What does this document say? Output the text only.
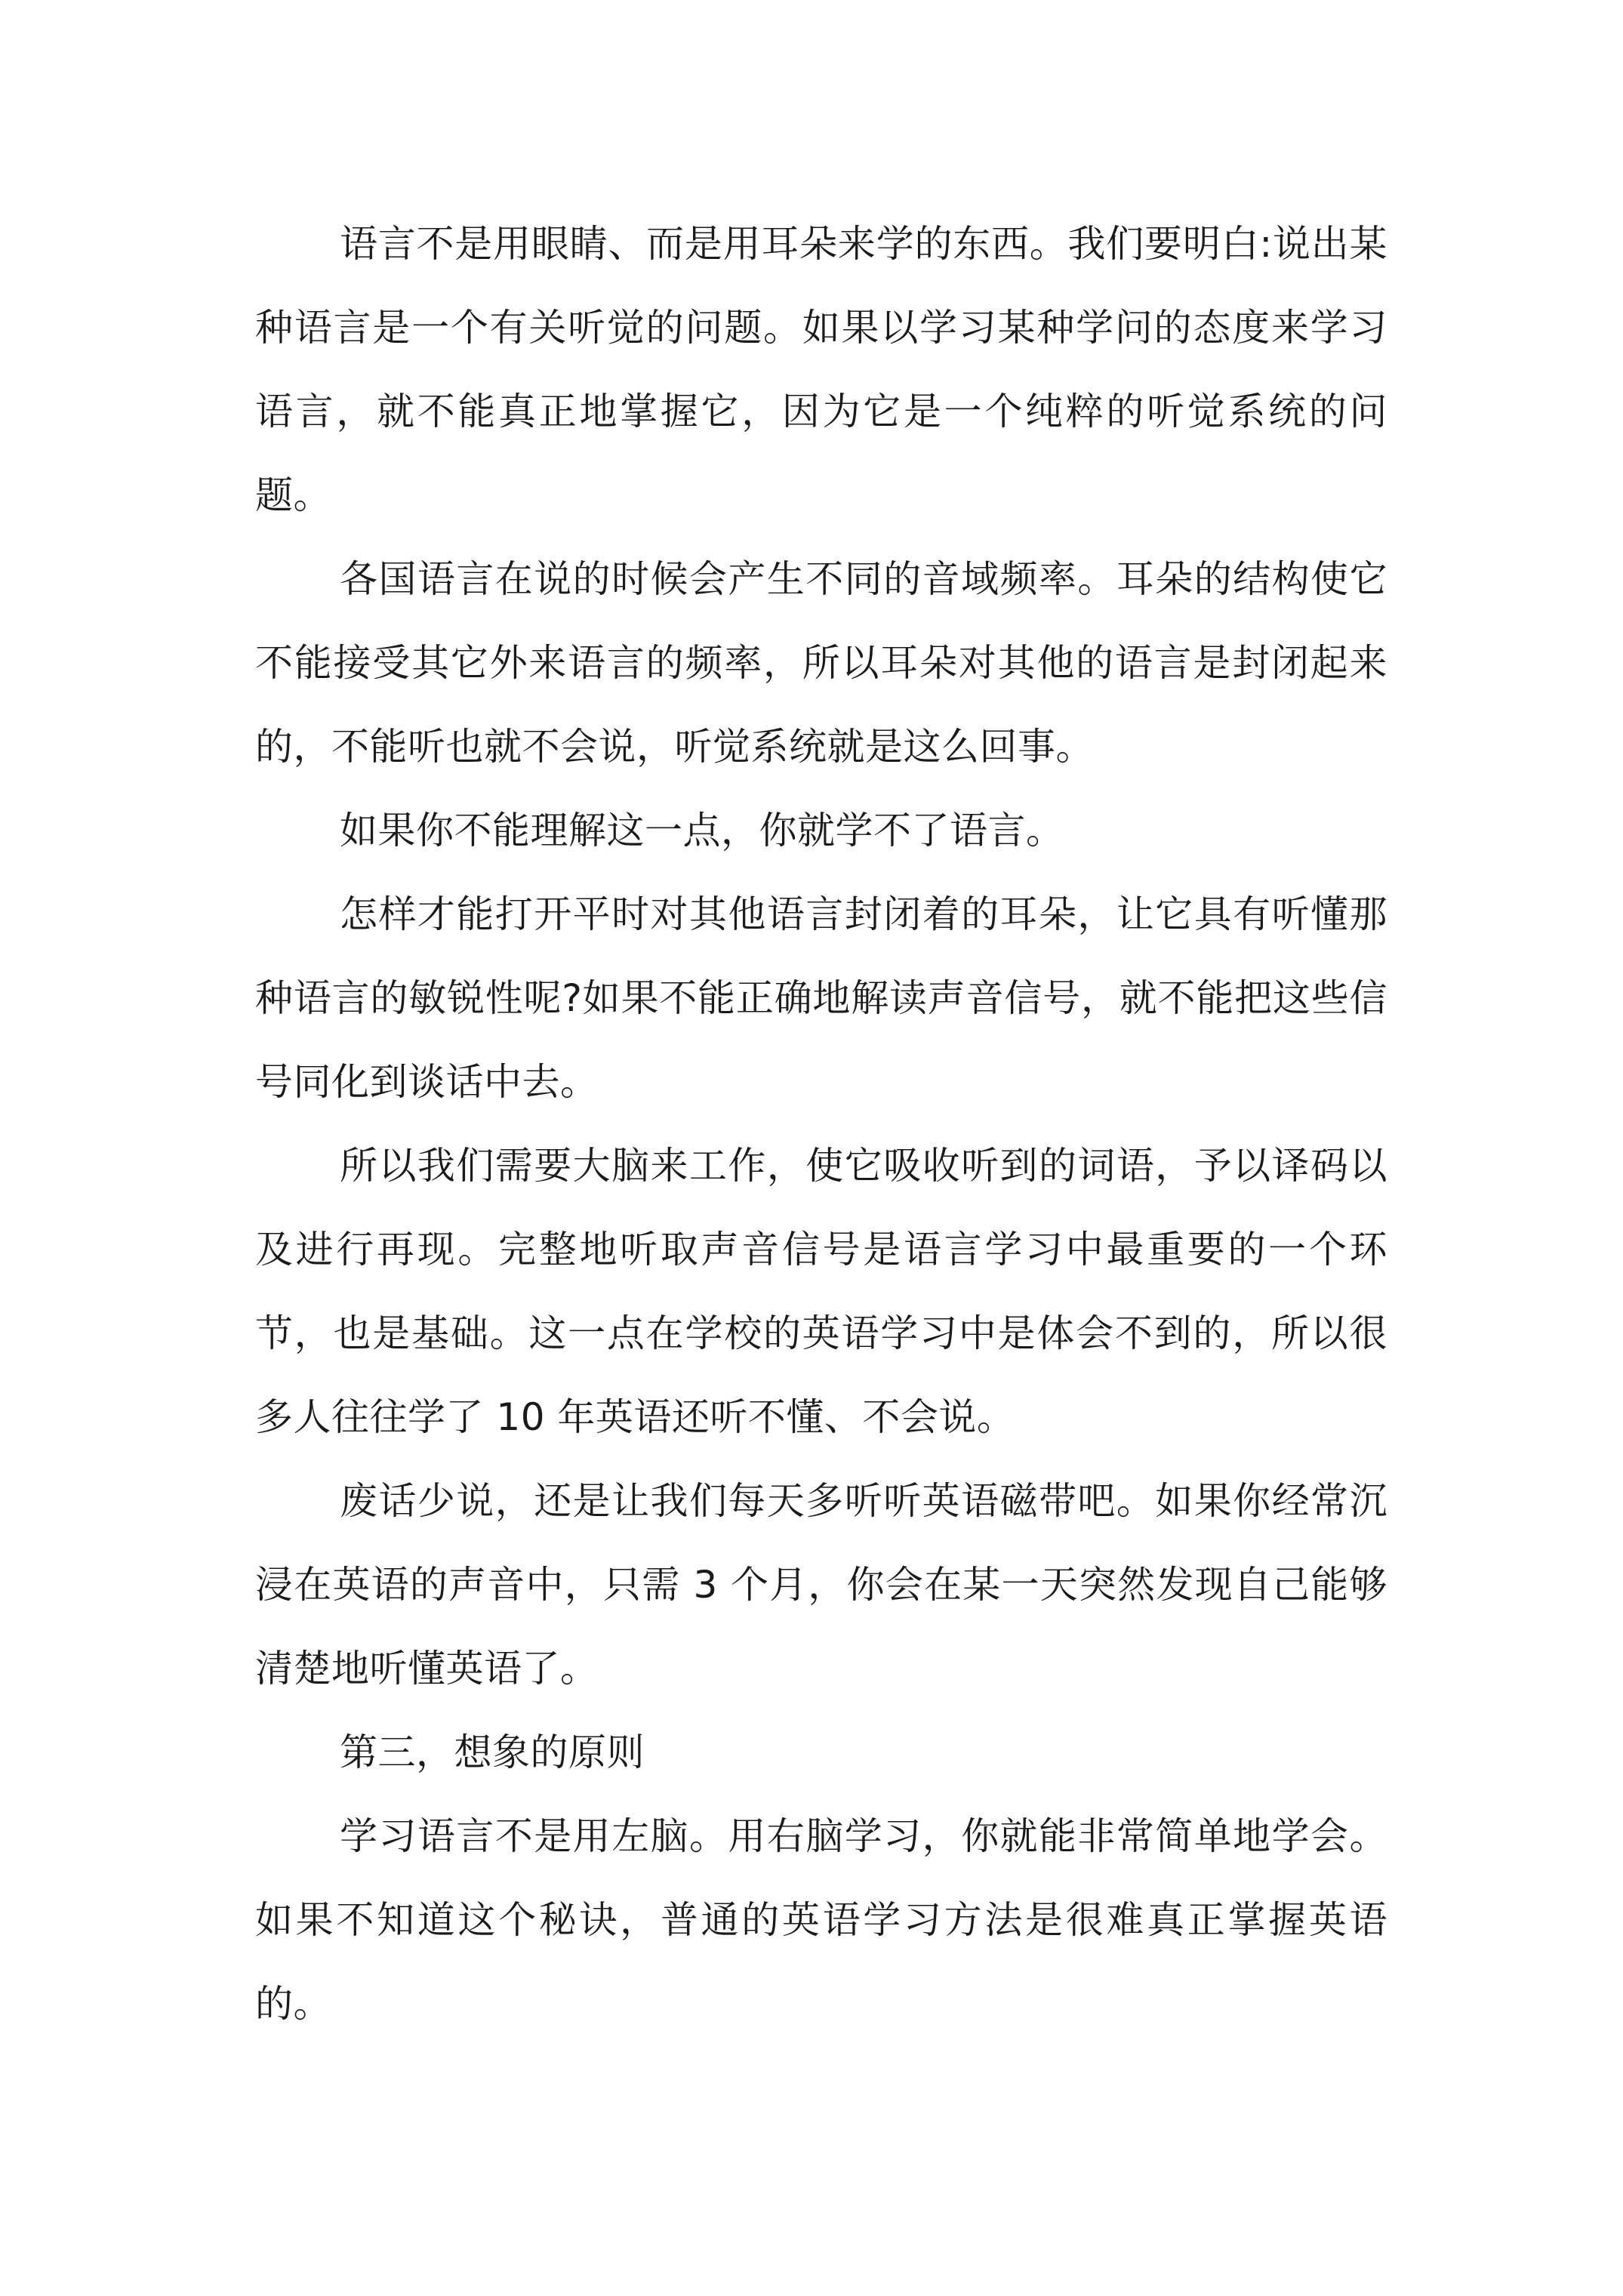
语言不是用眼睛、而是用耳朵来学的东西。我们要明白:说出某种语言是一个有关听觉的问题。如果以学习某种学问的态度来学习语言，就不能真正地掌握它，因为它是一个纯粹的听觉系统的问题。

各国语言在说的时候会产生不同的音域频率。耳朵的结构使它不能接受其它外来语言的频率，所以耳朵对其他的语言是封闭起来的，不能听也就不会说，听觉系统就是这么回事。

如果你不能理解这一点，你就学不了语言。

怎样才能打开平时对其他语言封闭着的耳朵，让它具有听懂那种语言的敏锐性呢?如果不能正确地解读声音信号，就不能把这些信号同化到谈话中去。

所以我们需要大脑来工作，使它吸收听到的词语，予以译码以及进行再现。完整地听取声音信号是语言学习中最重要的一个环节，也是基础。这一点在学校的英语学习中是体会不到的，所以很多人往往学了 10 年英语还听不懂、不会说。

废话少说，还是让我们每天多听听英语磁带吧。如果你经常沉浸在英语的声音中，只需 3 个月，你会在某一天突然发现自己能够清楚地听懂英语了。

第三，想象的原则

学习语言不是用左脑。用右脑学习，你就能非常简单地学会。如果不知道这个秘诀，普通的英语学习方法是很难真正掌握英语的。
